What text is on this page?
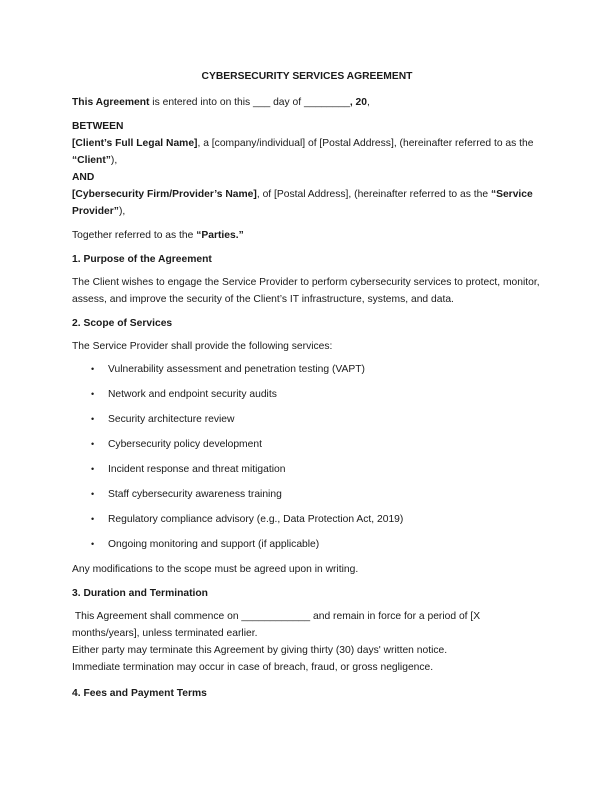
CYBERSECURITY SERVICES AGREEMENT

This Agreement is entered into on this ___ day of ________, 20,

BETWEEN

[Client’s Full Legal Name], a [company/individual] of [Postal Address], (hereinafter referred to as the “Client”),

AND

[Cybersecurity Firm/Provider’s Name], of [Postal Address], (hereinafter referred to as the “Service Provider”),

Together referred to as the “Parties.”

1. Purpose of the Agreement

The Client wishes to engage the Service Provider to perform cybersecurity services to protect, monitor, assess, and improve the security of the Client’s IT infrastructure, systems, and data.

2. Scope of Services

The Service Provider shall provide the following services:

• Vulnerability assessment and penetration testing (VAPT)
• Network and endpoint security audits
• Security architecture review
• Cybersecurity policy development
• Incident response and threat mitigation
• Staff cybersecurity awareness training
• Regulatory compliance advisory (e.g., Data Protection Act, 2019)
• Ongoing monitoring and support (if applicable)

Any modifications to the scope must be agreed upon in writing.

3. Duration and Termination

This Agreement shall commence on ____________ and remain in force for a period of [X months/years], unless terminated earlier.

Either party may terminate this Agreement by giving thirty (30) days' written notice.

Immediate termination may occur in case of breach, fraud, or gross negligence.

4. Fees and Payment Terms
